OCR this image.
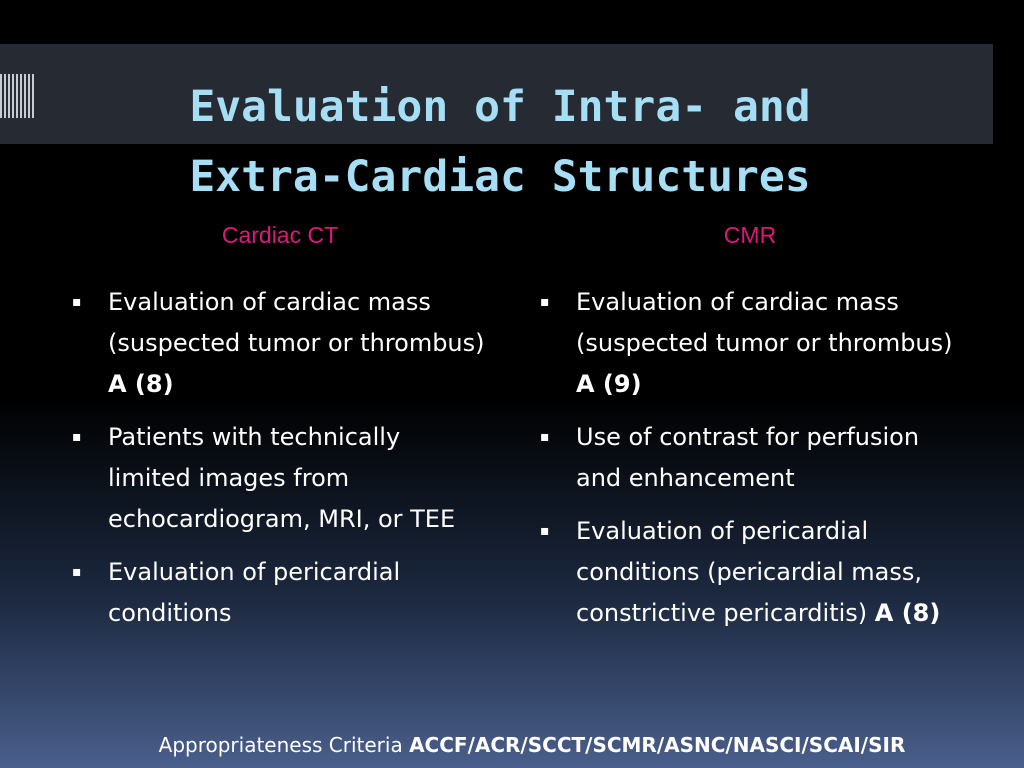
Evaluation of Intra- and
Extra-Cardiac Structures
Cardiac CT	CMR
▪ Evaluation of cardiac mass (suspected tumor or thrombus) A (8)
▪ Patients with technically limited images from echocardiogram, MRI, or TEE
▪ Evaluation of pericardial conditions
▪ Evaluation of cardiac mass (suspected tumor or thrombus) A (9)
▪ Use of contrast for perfusion and enhancement
▪ Evaluation of pericardial conditions (pericardial mass, constrictive pericarditis) A (8)
Appropriateness Criteria ACCF/ACR/SCCT/SCMR/ASNC/NASCI/SCAI/SIR
